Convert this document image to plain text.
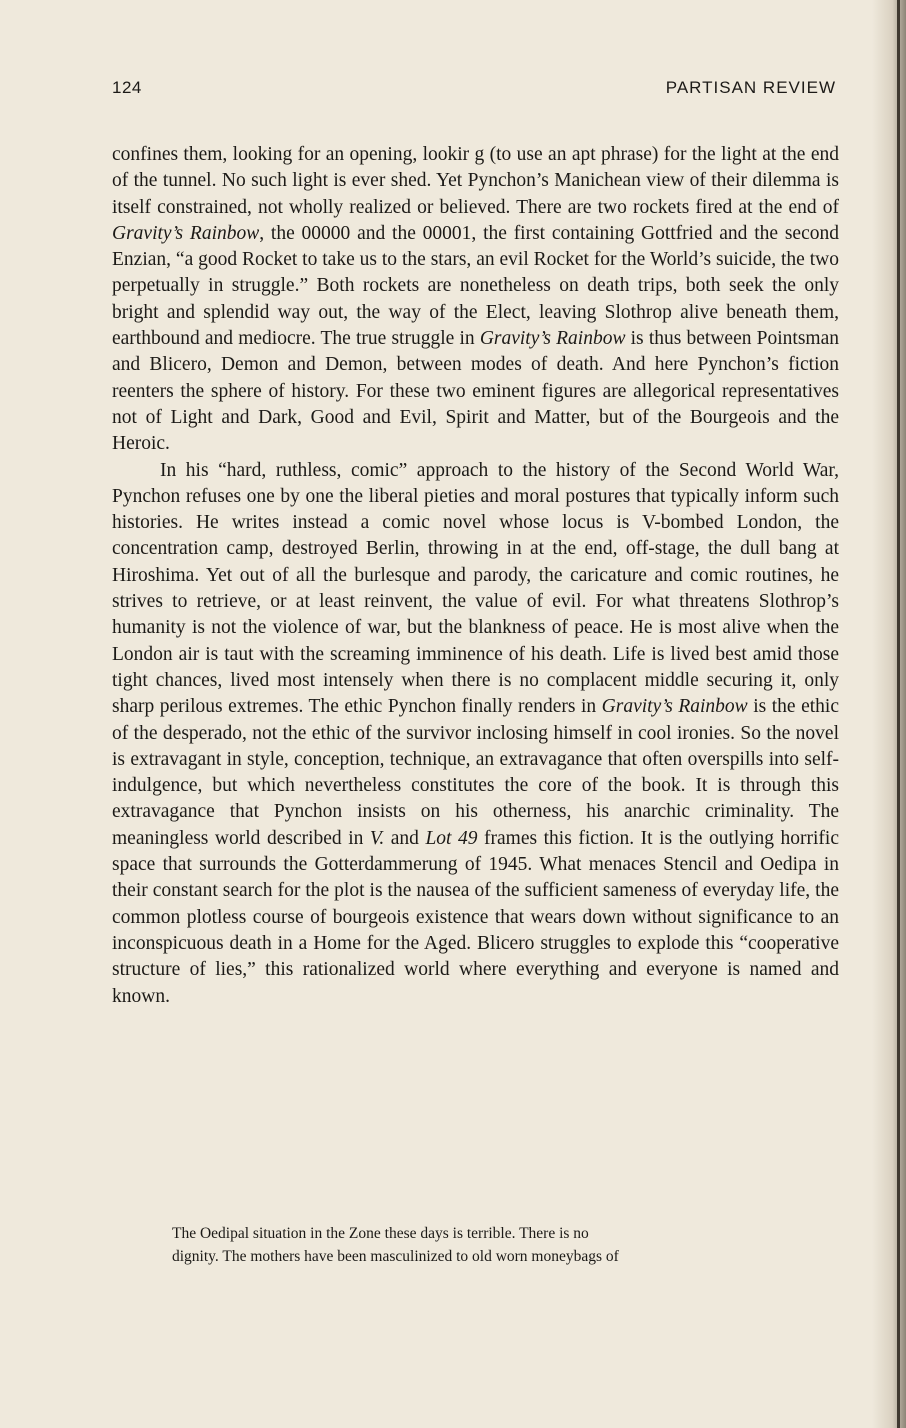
124	PARTISAN REVIEW

confines them, looking for an opening, lookir g (to use an apt phrase) for the light at the end of the tunnel. No such light is ever shed. Yet Pynchon’s Manichean view of their dilemma is itself constrained, not wholly realized or believed. There are two rockets fired at the end of Gravity’s Rainbow, the 00000 and the 00001, the first containing Gottfried and the second Enzian, “a good Rocket to take us to the stars, an evil Rocket for the World’s suicide, the two perpetually in struggle.” Both rockets are nonetheless on death trips, both seek the only bright and splendid way out, the way of the Elect, leaving Slothrop alive beneath them, earthbound and mediocre. The true struggle in Gravity’s Rainbow is thus between Pointsman and Blicero, Demon and Demon, between modes of death. And here Pynchon’s fiction reenters the sphere of history. For these two eminent figures are allegorical representatives not of Light and Dark, Good and Evil, Spirit and Matter, but of the Bourgeois and the Heroic.

In his “hard, ruthless, comic” approach to the history of the Second World War, Pynchon refuses one by one the liberal pieties and moral postures that typically inform such histories. He writes instead a comic novel whose locus is V-bombed London, the concentration camp, destroyed Berlin, throwing in at the end, off-stage, the dull bang at Hiroshima. Yet out of all the burlesque and parody, the caricature and comic routines, he strives to retrieve, or at least reinvent, the value of evil. For what threatens Slothrop’s humanity is not the violence of war, but the blankness of peace. He is most alive when the London air is taut with the screaming imminence of his death. Life is lived best amid those tight chances, lived most intensely when there is no complacent middle securing it, only sharp perilous extremes. The ethic Pynchon finally renders in Gravity’s Rainbow is the ethic of the desperado, not the ethic of the survivor inclosing himself in cool ironies. So the novel is extravagant in style, conception, technique, an extravagance that often overspills into self-indulgence, but which nevertheless constitutes the core of the book. It is through this extravagance that Pynchon insists on his otherness, his anarchic criminality. The meaningless world described in V. and Lot 49 frames this fiction. It is the outlying horrific space that surrounds the Gotterdammerung of 1945. What menaces Stencil and Oedipa in their constant search for the plot is the nausea of the sufficient sameness of everyday life, the common plotless course of bourgeois existence that wears down without significance to an inconspicuous death in a Home for the Aged. Blicero struggles to explode this “cooperative structure of lies,” this rationalized world where everything and everyone is named and known.

The Oedipal situation in the Zone these days is terrible. There is no
dignity. The mothers have been masculinized to old worn moneybags of
